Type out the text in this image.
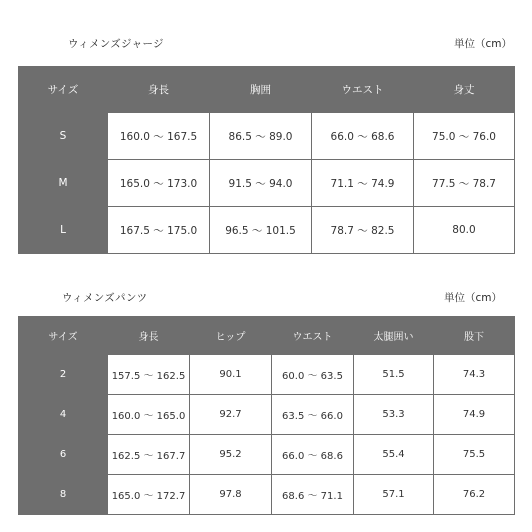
ウィメンズジャージ	単位（cm）
サイズ	身長	胸囲	ウエスト	身丈
S	160.0 ～ 167.5	86.5 ～ 89.0	66.0 ～ 68.6	75.0 ～ 76.0
M	165.0 ～ 173.0	91.5 ～ 94.0	71.1 ～ 74.9	77.5 ～ 78.7
L	167.5 ～ 175.0	96.5 ～ 101.5	78.7 ～ 82.5	80.0
ウィメンズパンツ	単位（cm）
サイズ	身長	ヒップ	ウエスト	太腿囲い	股下
2	157.5 ～ 162.5	90.1	60.0 ～ 63.5	51.5	74.3
4	160.0 ～ 165.0	92.7	63.5 ～ 66.0	53.3	74.9
6	162.5 ～ 167.7	95.2	66.0 ～ 68.6	55.4	75.5
8	165.0 ～ 172.7	97.8	68.6 ～ 71.1	57.1	76.2
